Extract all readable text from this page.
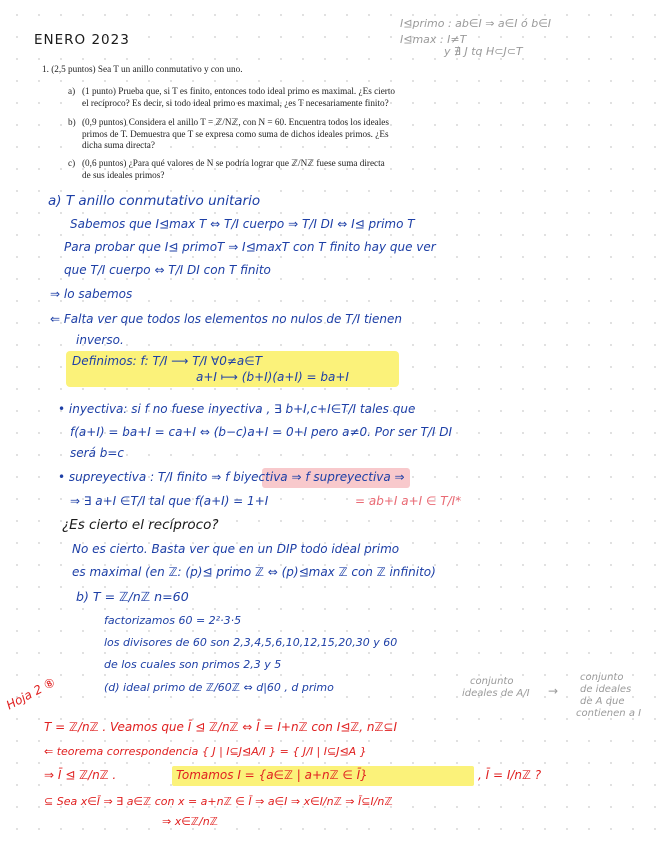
ENERO 2023
I⊴primo : ab∈I ⇒ a∈I ó b∈I
I⊴max : I≠T
y ∄ J tq H⊂J⊂T
1. (2,5 puntos) Sea T un anillo conmutativo y con uno.
a) (1 punto) Prueba que, si T es finito, entonces todo ideal primo es maximal. ¿Es cierto
el recíproco? Es decir, si todo ideal primo es maximal, ¿es T necesariamente finito?
b) (0,9 puntos) Considera el anillo T = ℤ/Nℤ, con N = 60. Encuentra todos los ideales
primos de T. Demuestra que T se expresa como suma de dichos ideales primos. ¿Es
dicha suma directa?
c) (0,6 puntos) ¿Para qué valores de N se podría lograr que ℤ/Nℤ fuese suma directa
de sus ideales primos?
a) T anillo conmutativo unitario
Sabemos que I⊴max T ⇔ T/I cuerpo ⇒ T/I DI ⇔ I⊴ primo T
Para probar que I⊴ primoT ⇒ I⊴maxT con T finito hay que ver
que T/I cuerpo ⇔ T/I DI con T finito
⇒ lo sabemos
⇐ Falta ver que todos los elementos no nulos de T/I tienen
inverso.
Definimos: f: T/I ⟶ T/I ∀0≠a∈T
a+I ⟼ (b+I)(a+I) = ba+I
• inyectiva: si f no fuese inyectiva , ∃ b+I,c+I∈T/I tales que
f(a+I) = ba+I = ca+I ⇔ (b−c)a+I = 0+I pero a≠0. Por ser T/I DI
será b=c
• supreyectiva : T/I finito ⇒ f biyectiva ⇒ f supreyectiva ⇒
⇒ ∃ a+I ∈T/I tal que f(a+I) = 1+I	= ab+I a+I ∈ T/I*
¿Es cierto el recíproco?
No es cierto. Basta ver que en un DIP todo ideal primo
es maximal (en ℤ: (p)⊴ primo ℤ ⇔ (p)⊴max ℤ con ℤ infinito)
b) T = ℤ/nℤ n=60
factorizamos 60 = 2²·3·5
los divisores de 60 son 2,3,4,5,6,10,12,15,20,30 y 60
de los cuales son primos 2,3 y 5
(d) ideal primo de ℤ/60ℤ ⇔ d|60 , d primo	conjunto
ideales de A/I
conjunto
de ideales
de A que
contienen a I
→
Hoja 2 ⑧
T = ℤ/nℤ . Veamos que Ī ⊴ ℤ/nℤ ⇔ Ī = I+nℤ con I⊴ℤ, nℤ⊆I
⇐ teorema correspondencia { J | I⊆J⊴A/I } = { J/I | I⊆J⊴A }
⇒ Ī ⊴ ℤ/nℤ .	Tomamos I = {a∈ℤ | a+nℤ ∈ Ī}	, Ī = I/nℤ ?
⊆ Sea x∈Ī ⇒ ∃ a∈ℤ con x = a+nℤ ∈ Ī ⇒ a∈I ⇒ x∈I/nℤ ⇒ Ī⊆I/nℤ
⇒ x∈ℤ/nℤ
